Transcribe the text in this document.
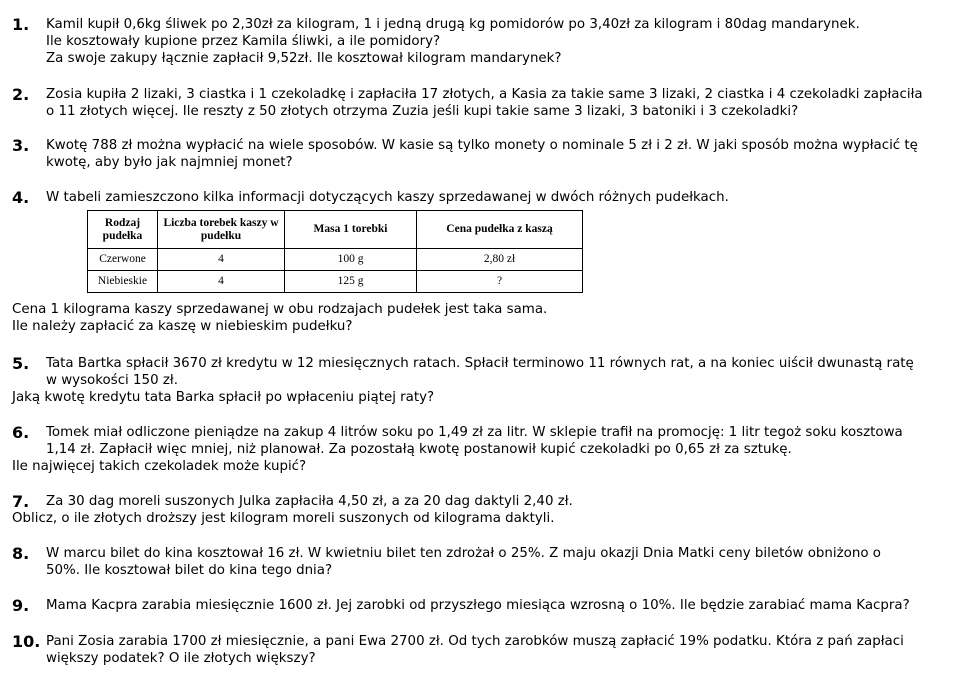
1.	Kamil kupił 0,6kg śliwek po 2,30zł za kilogram, 1 i jedną drugą kg pomidorów po 3,40zł za kilogram i 80dag mandarynek.
Ile kosztowały kupione przez Kamila śliwki, a ile pomidory?
Za swoje zakupy łącznie zapłacił 9,52zł. Ile kosztował kilogram mandarynek?
2.	Zosia kupiła 2 lizaki, 3 ciastka i 1 czekoladkę i zapłaciła 17 złotych, a Kasia za takie same 3 lizaki, 2 ciastka i 4 czekoladki zapłaciła
o 11 złotych więcej. Ile reszty z 50 złotych otrzyma Zuzia jeśli kupi takie same 3 lizaki, 3 batoniki i 3 czekoladki?
3.	Kwotę 788 zł można wypłacić na wiele sposobów. W kasie są tylko monety o nominale 5 zł i 2 zł. W jaki sposób można wypłacić tę
kwotę, aby było jak najmniej monet?
4.	W tabeli zamieszczono kilka informacji dotyczących kaszy sprzedawanej w dwóch różnych pudełkach.
Rodzaj pudełka	Liczba torebek kaszy w pudełku	Masa 1 torebki	Cena pudełka z kaszą
Czerwone	4	100 g	2,80 zł
Niebieskie	4	125 g	?
Cena 1 kilograma kaszy sprzedawanej w obu rodzajach pudełek jest taka sama.
Ile należy zapłacić za kaszę w niebieskim pudełku?
5.	Tata Bartka spłacił 3670 zł kredytu w 12 miesięcznych ratach. Spłacił terminowo 11 równych rat, a na koniec uiścił dwunastą ratę
w wysokości 150 zł.
Jaką kwotę kredytu tata Barka spłacił po wpłaceniu piątej raty?
6.	Tomek miał odliczone pieniądze na zakup 4 litrów soku po 1,49 zł za litr. W sklepie trafił na promocję: 1 litr tegoż soku kosztowa
1,14 zł. Zapłacił więc mniej, niż planował. Za pozostałą kwotę postanowił kupić czekoladki po 0,65 zł za sztukę.
Ile najwięcej takich czekoladek może kupić?
7.	Za 30 dag moreli suszonych Julka zapłaciła 4,50 zł, a za 20 dag daktyli 2,40 zł.
Oblicz, o ile złotych droższy jest kilogram moreli suszonych od kilograma daktyli.
8.	W marcu bilet do kina kosztował 16 zł. W kwietniu bilet ten zdrożał o 25%. Z maju okazji Dnia Matki ceny biletów obniżono o
50%. Ile kosztował bilet do kina tego dnia?
9.	Mama Kacpra zarabia miesięcznie 1600 zł. Jej zarobki od przyszłego miesiąca wzrosną o 10%. Ile będzie zarabiać mama Kacpra?
10. Pani Zosia zarabia 1700 zł miesięcznie, a pani Ewa 2700 zł. Od tych zarobków muszą zapłacić 19% podatku. Która z pań zapłaci
większy podatek? O ile złotych większy?
